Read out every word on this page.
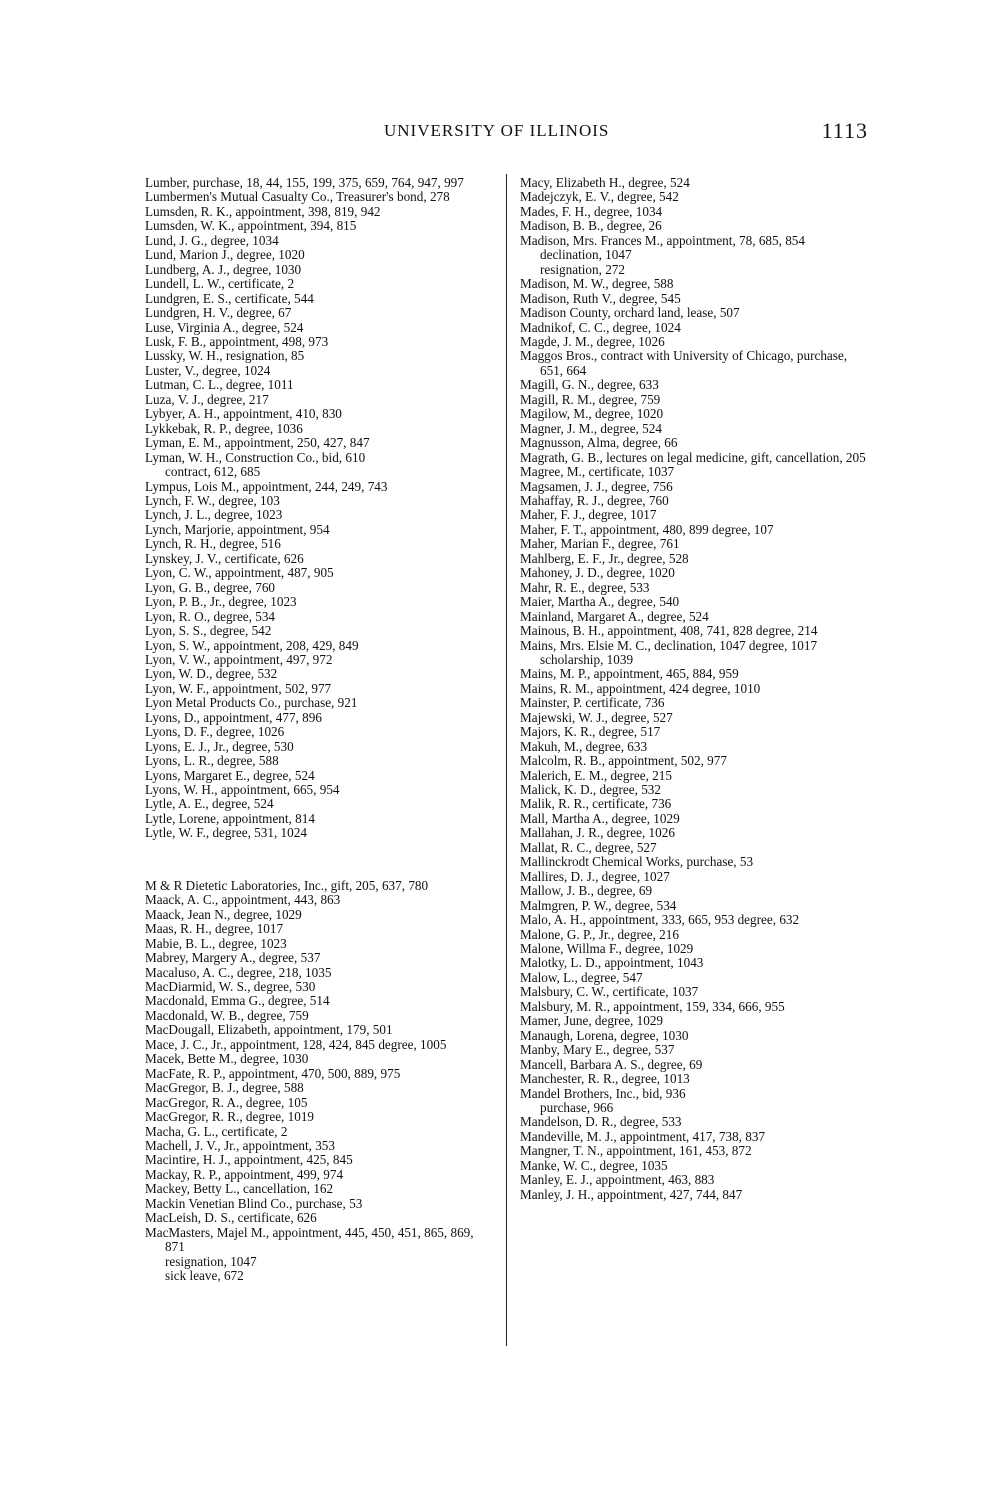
UNIVERSITY OF ILLINOIS	1113
Lumber, purchase, 18, 44, 155, 199, 375, 659, 764, 947, 997
Lumbermen's Mutual Casualty Co., Treasurer's bond, 278
Lumsden, R. K., appointment, 398, 819, 942
Lumsden, W. K., appointment, 394, 815
Lund, J. G., degree, 1034
Lund, Marion J., degree, 1020
Lundberg, A. J., degree, 1030
Lundell, L. W., certificate, 2
Lundgren, E. S., certificate, 544
Lundgren, H. V., degree, 67
Luse, Virginia A., degree, 524
Lusk, F. B., appointment, 498, 973
Lussky, W. H., resignation, 85
Luster, V., degree, 1024
Lutman, C. L., degree, 1011
Luza, V. J., degree, 217
Lybyer, A. H., appointment, 410, 830
Lykkebak, R. P., degree, 1036
Lyman, E. M., appointment, 250, 427, 847
Lyman, W. H., Construction Co., bid, 610
contract, 612, 685
Lympus, Lois M., appointment, 244, 249, 743
Lynch, F. W., degree, 103
Lynch, J. L., degree, 1023
Lynch, Marjorie, appointment, 954
Lynch, R. H., degree, 516
Lynskey, J. V., certificate, 626
Lyon, C. W., appointment, 487, 905
Lyon, G. B., degree, 760
Lyon, P. B., Jr., degree, 1023
Lyon, R. O., degree, 534
Lyon, S. S., degree, 542
Lyon, S. W., appointment, 208, 429, 849
Lyon, V. W., appointment, 497, 972
Lyon, W. D., degree, 532
Lyon, W. F., appointment, 502, 977
Lyon Metal Products Co., purchase, 921
Lyons, D., appointment, 477, 896
Lyons, D. F., degree, 1026
Lyons, E. J., Jr., degree, 530
Lyons, L. R., degree, 588
Lyons, Margaret E., degree, 524
Lyons, W. H., appointment, 665, 954
Lytle, A. E., degree, 524
Lytle, Lorene, appointment, 814
Lytle, W. F., degree, 531, 1024
M & R Dietetic Laboratories, Inc., gift, 205, 637, 780
Maack, A. C., appointment, 443, 863
Maack, Jean N., degree, 1029
Maas, R. H., degree, 1017
Mabie, B. L., degree, 1023
Mabrey, Margery A., degree, 537
Macaluso, A. C., degree, 218, 1035
MacDiarmid, W. S., degree, 530
Macdonald, Emma G., degree, 514
Macdonald, W. B., degree, 759
MacDougall, Elizabeth, appointment, 179, 501
Mace, J. C., Jr., appointment, 128, 424, 845 degree, 1005
Macek, Bette M., degree, 1030
MacFate, R. P., appointment, 470, 500, 889, 975
MacGregor, B. J., degree, 588
MacGregor, R. A., degree, 105
MacGregor, R. R., degree, 1019
Macha, G. L., certificate, 2
Machell, J. V., Jr., appointment, 353
Macintire, H. J., appointment, 425, 845
Mackay, R. P., appointment, 499, 974
Mackey, Betty L., cancellation, 162
Mackin Venetian Blind Co., purchase, 53
MacLeish, D. S., certificate, 626
MacMasters, Majel M., appointment, 445, 450, 451, 865, 869, 871
resignation, 1047
sick leave, 672
Macy, Elizabeth H., degree, 524
Madejczyk, E. V., degree, 542
Mades, F. H., degree, 1034
Madison, B. B., degree, 26
Madison, Mrs. Frances M., appointment, 78, 685, 854
declination, 1047
resignation, 272
Madison, M. W., degree, 588
Madison, Ruth V., degree, 545
Madison County, orchard land, lease, 507
Madnikof, C. C., degree, 1024
Magde, J. M., degree, 1026
Maggos Bros., contract with University of Chicago, purchase, 651, 664
Magill, G. N., degree, 633
Magill, R. M., degree, 759
Magilow, M., degree, 1020
Magner, J. M., degree, 524
Magnusson, Alma, degree, 66
Magrath, G. B., lectures on legal medicine, gift, cancellation, 205
Magree, M., certificate, 1037
Magsamen, J. J., degree, 756
Mahaffay, R. J., degree, 760
Maher, F. J., degree, 1017
Maher, F. T., appointment, 480, 899 degree, 107
Maher, Marian F., degree, 761
Mahlberg, E. F., Jr., degree, 528
Mahoney, J. D., degree, 1020
Mahr, R. E., degree, 533
Maier, Martha A., degree, 540
Mainland, Margaret A., degree, 524
Mainous, B. H., appointment, 408, 741, 828 degree, 214
Mains, Mrs. Elsie M. C., declination, 1047 degree, 1017
scholarship, 1039
Mains, M. P., appointment, 465, 884, 959
Mains, R. M., appointment, 424 degree, 1010
Mainster, P. certificate, 736
Majewski, W. J., degree, 527
Majors, K. R., degree, 517
Makuh, M., degree, 633
Malcolm, R. B., appointment, 502, 977
Malerich, E. M., degree, 215
Malick, K. D., degree, 532
Malik, R. R., certificate, 736
Mall, Martha A., degree, 1029
Mallahan, J. R., degree, 1026
Mallat, R. C., degree, 527
Mallinckrodt Chemical Works, purchase, 53
Mallires, D. J., degree, 1027
Mallow, J. B., degree, 69
Malmgren, P. W., degree, 534
Malo, A. H., appointment, 333, 665, 953 degree, 632
Malone, G. P., Jr., degree, 216
Malone, Willma F., degree, 1029
Malotky, L. D., appointment, 1043
Malow, L., degree, 547
Malsbury, C. W., certificate, 1037
Malsbury, M. R., appointment, 159, 334, 666, 955
Mamer, June, degree, 1029
Manaugh, Lorena, degree, 1030
Manby, Mary E., degree, 537
Mancell, Barbara A. S., degree, 69
Manchester, R. R., degree, 1013
Mandel Brothers, Inc., bid, 936
purchase, 966
Mandelson, D. R., degree, 533
Mandeville, M. J., appointment, 417, 738, 837
Mangner, T. N., appointment, 161, 453, 872
Manke, W. C., degree, 1035
Manley, E. J., appointment, 463, 883
Manley, J. H., appointment, 427, 744, 847
